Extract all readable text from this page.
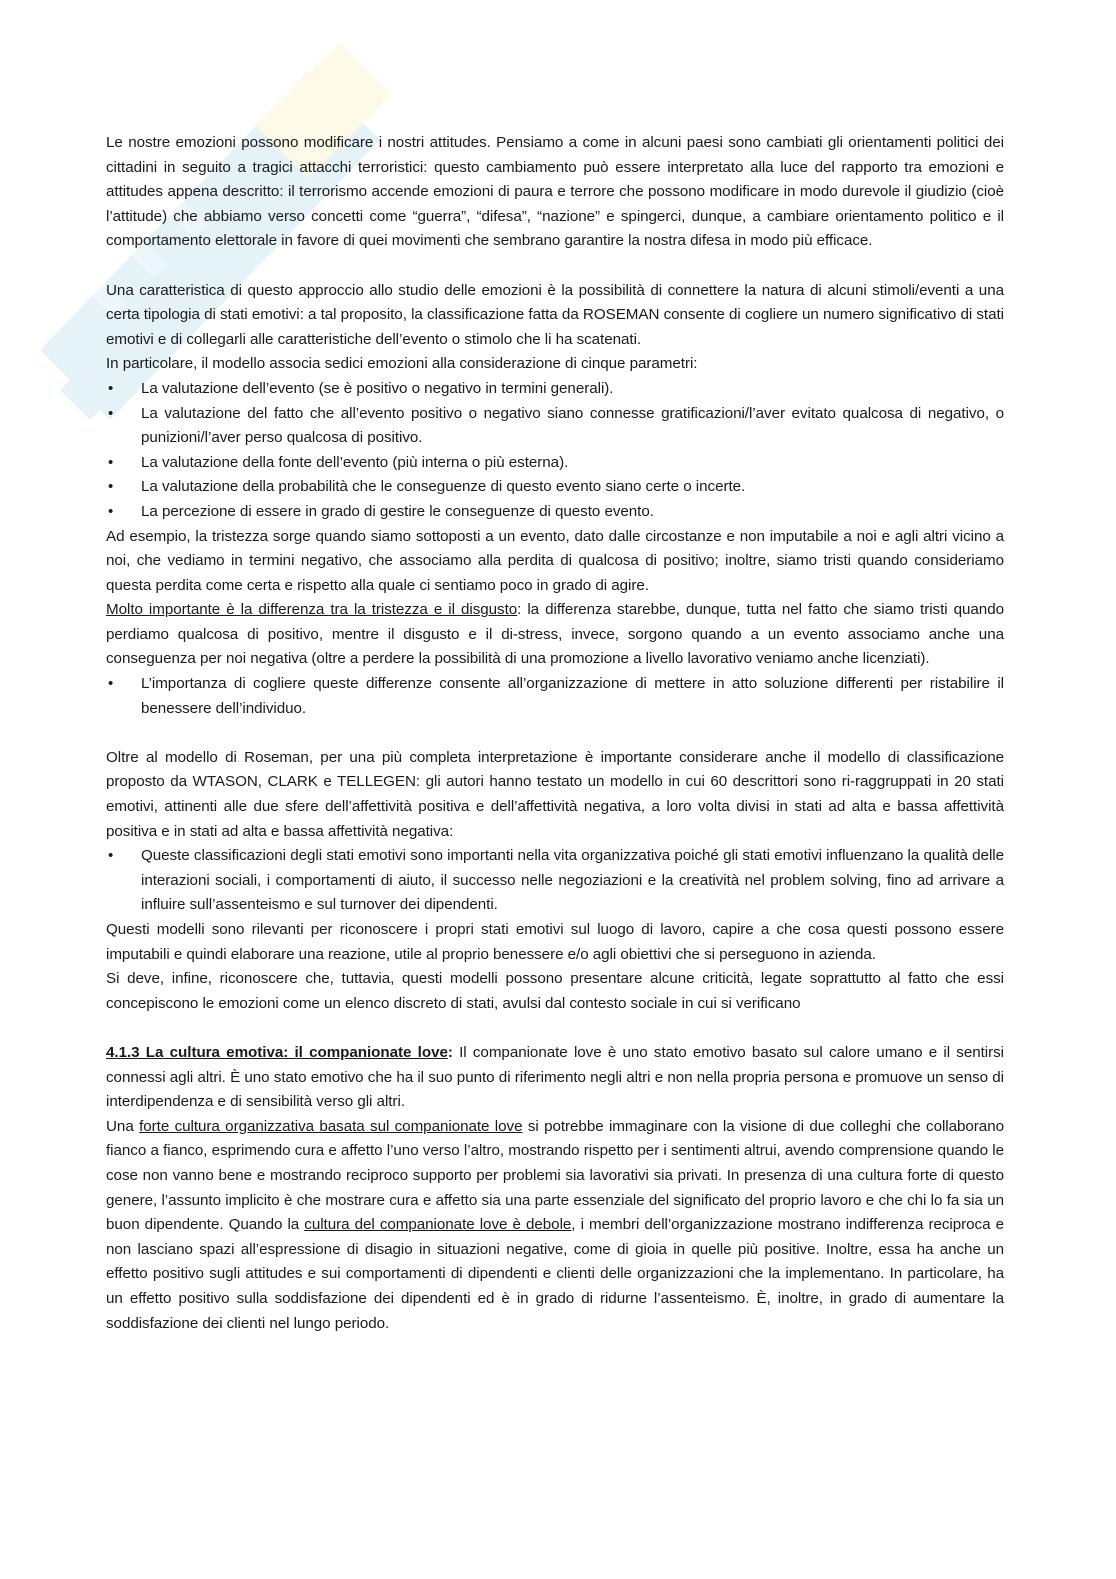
Le nostre emozioni possono modificare i nostri attitudes. Pensiamo a come in alcuni paesi sono cambiati gli orientamenti politici dei cittadini in seguito a tragici attacchi terroristici: questo cambiamento può essere interpretato alla luce del rapporto tra emozioni e attitudes appena descritto: il terrorismo accende emozioni di paura e terrore che possono modificare in modo durevole il giudizio (cioè l’attitude) che abbiamo verso concetti come “guerra”, “difesa”, “nazione” e spingerci, dunque, a cambiare orientamento politico e il comportamento elettorale in favore di quei movimenti che sembrano garantire la nostra difesa in modo più efficace.

Una caratteristica di questo approccio allo studio delle emozioni è la possibilità di connettere la natura di alcuni stimoli/eventi a una certa tipologia di stati emotivi: a tal proposito, la classificazione fatta da ROSEMAN consente di cogliere un numero significativo di stati emotivi e di collegarli alle caratteristiche dell’evento o stimolo che li ha scatenati.

In particolare, il modello associa sedici emozioni alla considerazione di cinque parametri:

• La valutazione dell’evento (se è positivo o negativo in termini generali).
• La valutazione del fatto che all’evento positivo o negativo siano connesse gratificazioni/l’aver evitato qualcosa di negativo, o punizioni/l’aver perso qualcosa di positivo.
• La valutazione della fonte dell’evento (più interna o più esterna).
• La valutazione della probabilità che le conseguenze di questo evento siano certe o incerte.
• La percezione di essere in grado di gestire le conseguenze di questo evento.

Ad esempio, la tristezza sorge quando siamo sottoposti a un evento, dato dalle circostanze e non imputabile a noi e agli altri vicino a noi, che vediamo in termini negativo, che associamo alla perdita di qualcosa di positivo; inoltre, siamo tristi quando consideriamo questa perdita come certa e rispetto alla quale ci sentiamo poco in grado di agire.

Molto importante è la differenza tra la tristezza e il disgusto: la differenza starebbe, dunque, tutta nel fatto che siamo tristi quando perdiamo qualcosa di positivo, mentre il disgusto e il di-stress, invece, sorgono quando a un evento associamo anche una conseguenza per noi negativa (oltre a perdere la possibilità di una promozione a livello lavorativo veniamo anche licenziati).

• L’importanza di cogliere queste differenze consente all’organizzazione di mettere in atto soluzione differenti per ristabilire il benessere dell’individuo.

Oltre al modello di Roseman, per una più completa interpretazione è importante considerare anche il modello di classificazione proposto da WTASON, CLARK e TELLEGEN: gli autori hanno testato un modello in cui 60 descrittori sono ri-raggruppati in 20 stati emotivi, attinenti alle due sfere dell’affettività positiva e dell’affettività negativa, a loro volta divisi in stati ad alta e bassa affettività positiva e in stati ad alta e bassa affettività negativa:

• Queste classificazioni degli stati emotivi sono importanti nella vita organizzativa poiché gli stati emotivi influenzano la qualità delle interazioni sociali, i comportamenti di aiuto, il successo nelle negoziazioni e la creatività nel problem solving, fino ad arrivare a influire sull’assenteismo e sul turnover dei dipendenti.

Questi modelli sono rilevanti per riconoscere i propri stati emotivi sul luogo di lavoro, capire a che cosa questi possono essere imputabili e quindi elaborare una reazione, utile al proprio benessere e/o agli obiettivi che si perseguono in azienda.

Si deve, infine, riconoscere che, tuttavia, questi modelli possono presentare alcune criticità, legate soprattutto al fatto che essi concepiscono le emozioni come un elenco discreto di stati, avulsi dal contesto sociale in cui si verificano

4.1.3 La cultura emotiva: il companionate love: Il companionate love è uno stato emotivo basato sul calore umano e il sentirsi connessi agli altri. È uno stato emotivo che ha il suo punto di riferimento negli altri e non nella propria persona e promuove un senso di interdipendenza e di sensibilità verso gli altri.

Una forte cultura organizzativa basata sul companionate love si potrebbe immaginare con la visione di due colleghi che collaborano fianco a fianco, esprimendo cura e affetto l’uno verso l’altro, mostrando rispetto per i sentimenti altrui, avendo comprensione quando le cose non vanno bene e mostrando reciproco supporto per problemi sia lavorativi sia privati. In presenza di una cultura forte di questo genere, l’assunto implicito è che mostrare cura e affetto sia una parte essenziale del significato del proprio lavoro e che chi lo fa sia un buon dipendente. Quando la cultura del companionate love è debole, i membri dell’organizzazione mostrano indifferenza reciproca e non lasciano spazi all’espressione di disagio in situazioni negative, come di gioia in quelle più positive. Inoltre, essa ha anche un effetto positivo sugli attitudes e sui comportamenti di dipendenti e clienti delle organizzazioni che la implementano. In particolare, ha un effetto positivo sulla soddisfazione dei dipendenti ed è in grado di ridurne l’assenteismo. È, inoltre, in grado di aumentare la soddisfazione dei clienti nel lungo periodo.
